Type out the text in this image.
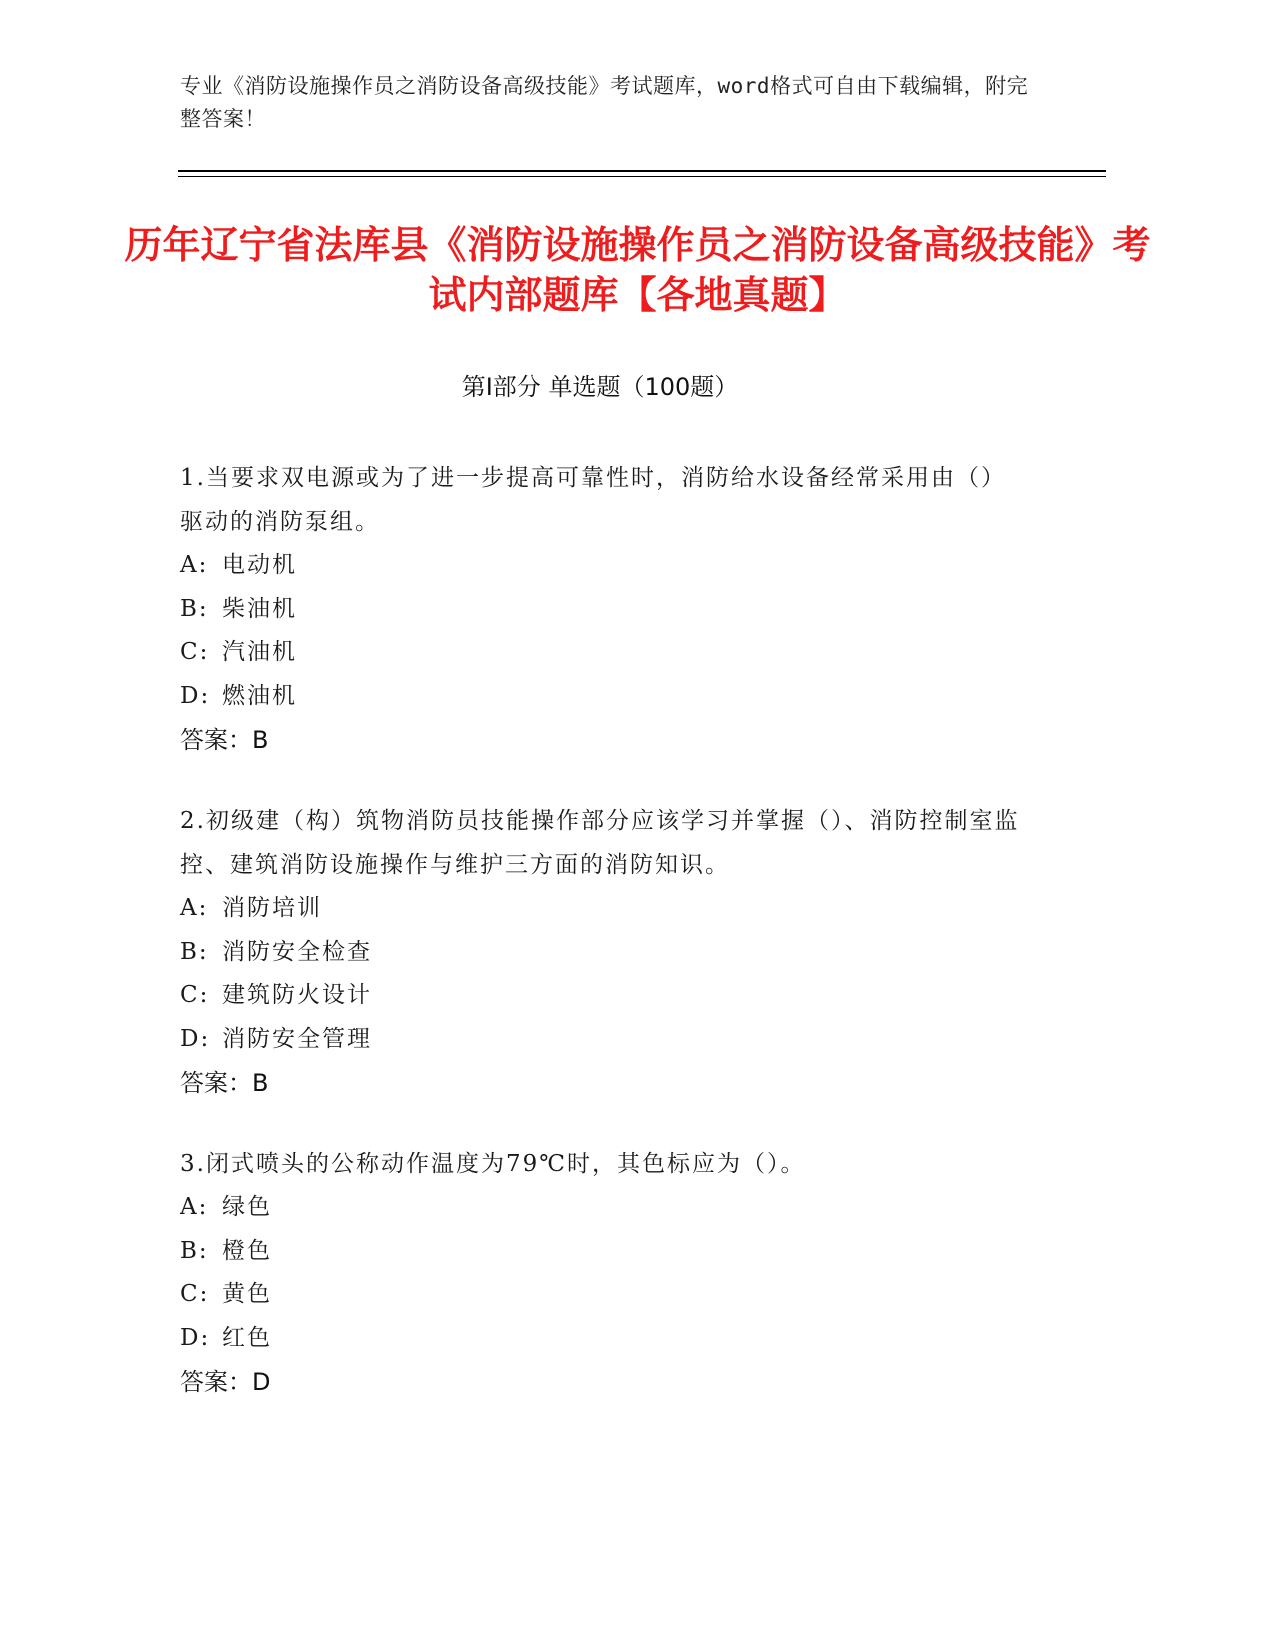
专业《消防设施操作员之消防设备高级技能》考试题库，word格式可自由下载编辑，附完整答案！
历年辽宁省法库县《消防设施操作员之消防设备高级技能》考试内部题库【各地真题】
第Ⅰ部分 单选题（100题）
1.当要求双电源或为了进一步提高可靠性时，消防给水设备经常采用由（）驱动的消防泵组。
A: 电动机
B: 柴油机
C: 汽油机
D: 燃油机
答案：B
2.初级建（构）筑物消防员技能操作部分应该学习并掌握（）、消防控制室监控、建筑消防设施操作与维护三方面的消防知识。
A: 消防培训
B: 消防安全检查
C: 建筑防火设计
D: 消防安全管理
答案：B
3.闭式喷头的公称动作温度为79℃时，其色标应为（）。
A: 绿色
B: 橙色
C: 黄色
D: 红色
答案：D
